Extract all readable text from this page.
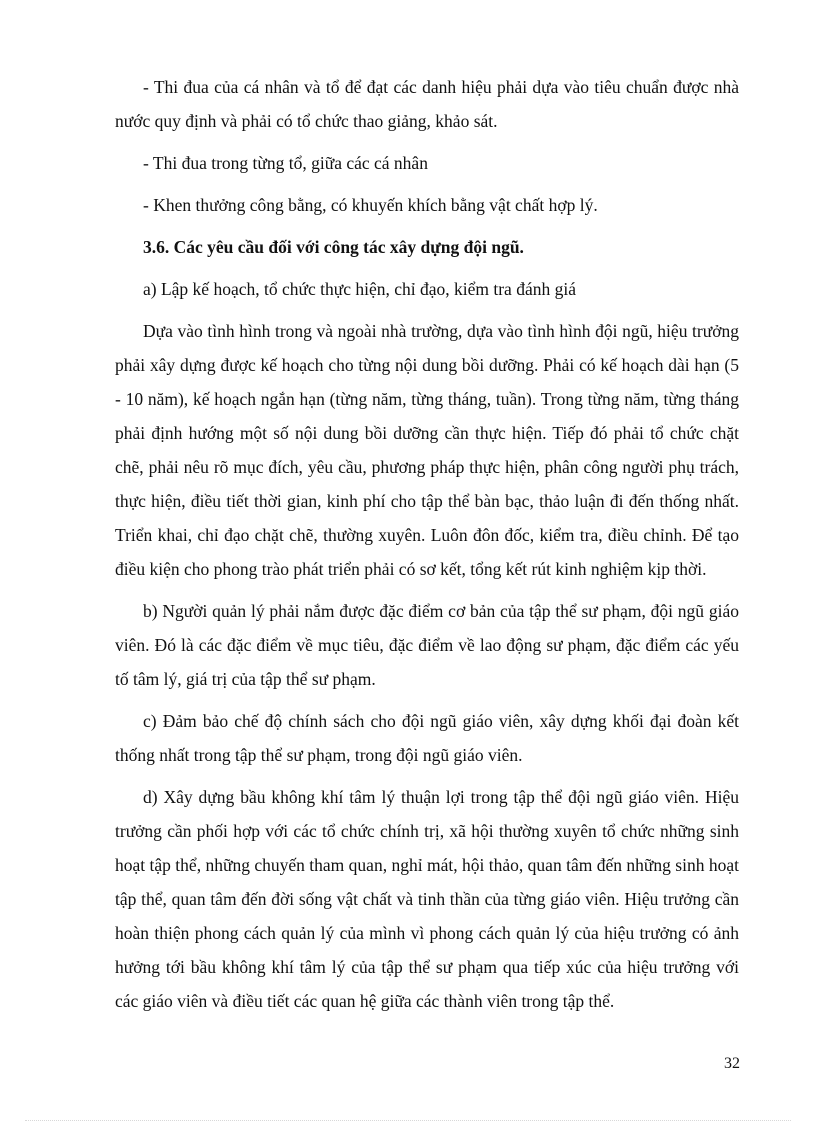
- Thi đua của cá nhân và tổ để đạt các danh hiệu phải dựa vào tiêu chuẩn được nhà nước quy định và phải có tổ chức thao giảng, khảo sát.

- Thi đua trong từng tổ, giữa các cá nhân

- Khen thưởng công bằng, có khuyến khích bằng vật chất hợp lý.

3.6. Các yêu cầu đối với công tác xây dựng đội ngũ.

a) Lập kế hoạch, tổ chức thực hiện, chỉ đạo, kiểm tra đánh giá

Dựa vào tình hình trong và ngoài nhà trường, dựa vào tình hình đội ngũ, hiệu trưởng phải xây dựng được kế hoạch cho từng nội dung bồi dưỡng. Phải có kế hoạch dài hạn (5 - 10 năm), kế hoạch ngắn hạn (từng năm, từng tháng, tuần). Trong từng năm, từng tháng phải định hướng một số nội dung bồi dưỡng cần thực hiện. Tiếp đó phải tổ chức chặt chẽ, phải nêu rõ mục đích, yêu cầu, phương pháp thực hiện, phân công người phụ trách, thực hiện, điều tiết thời gian, kinh phí cho tập thể bàn bạc, thảo luận đi đến thống nhất. Triển khai, chỉ đạo chặt chẽ, thường xuyên. Luôn đôn đốc, kiểm tra, điều chỉnh. Để tạo điều kiện cho phong trào phát triển phải có sơ kết, tổng kết rút kinh nghiệm kịp thời.

b) Người quản lý phải nắm được đặc điểm cơ bản của tập thể sư phạm, đội ngũ giáo viên. Đó là các đặc điểm về mục tiêu, đặc điểm về lao động sư phạm, đặc điểm các yếu tố tâm lý, giá trị của tập thể sư phạm.

c) Đảm bảo chế độ chính sách cho đội ngũ giáo viên, xây dựng khối đại đoàn kết thống nhất trong tập thể sư phạm, trong đội ngũ giáo viên.

d) Xây dựng bầu không khí tâm lý thuận lợi trong tập thể đội ngũ giáo viên. Hiệu trưởng cần phối hợp với các tổ chức chính trị, xã hội thường xuyên tổ chức những sinh hoạt tập thể, những chuyến tham quan, nghỉ mát, hội thảo, quan tâm đến những sinh hoạt tập thể, quan tâm đến đời sống vật chất và tinh thần của từng giáo viên. Hiệu trưởng cần hoàn thiện phong cách quản lý của mình vì phong cách quản lý của hiệu trưởng có ảnh hưởng tới bầu không khí tâm lý của tập thể sư phạm qua tiếp xúc của hiệu trưởng với các giáo viên và điều tiết các quan hệ giữa các thành viên trong tập thể.

32
